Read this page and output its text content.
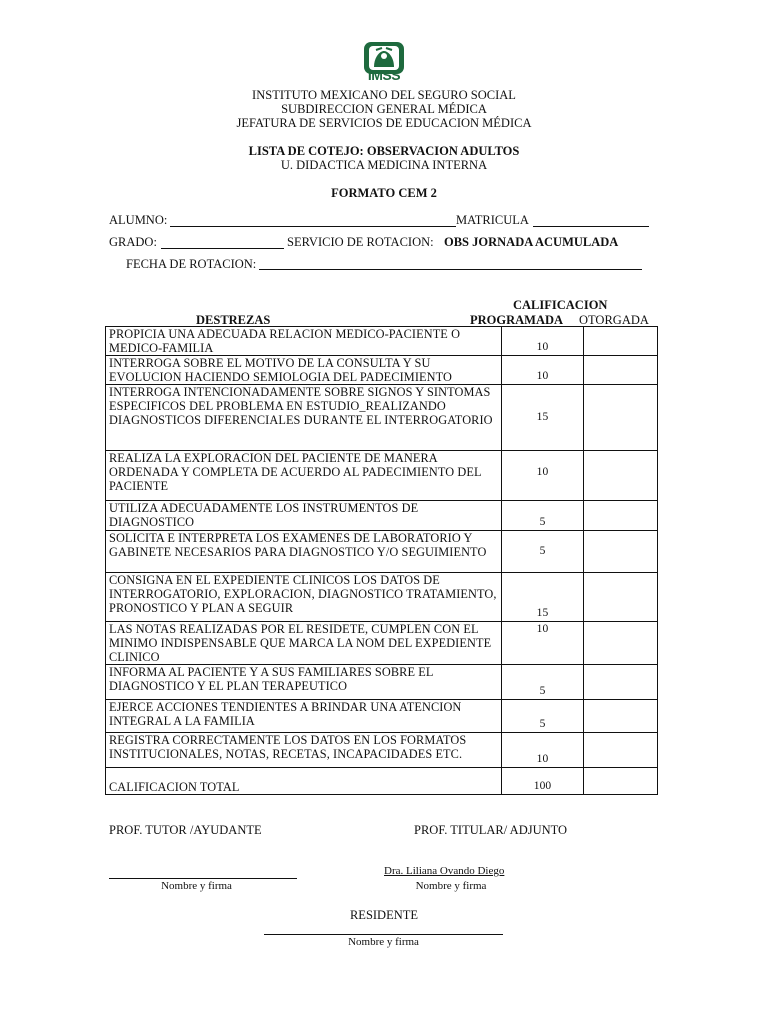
IMSS
INSTITUTO MEXICANO DEL SEGURO SOCIAL
SUBDIRECCION GENERAL MÉDICA
JEFATURA DE SERVICIOS DE EDUCACION MÉDICA
LISTA DE COTEJO: OBSERVACION ADULTOS
U. DIDACTICA MEDICINA INTERNA
FORMATO CEM 2
ALUMNO:	MATRICULA
GRADO:	SERVICIO DE ROTACION: OBS JORNADA ACUMULADA
FECHA DE ROTACION:
DESTREZAS
CALIFICACION
PROGRAMADA OTORGADA
PROPICIA UNA ADECUADA RELACION MEDICO-PACIENTE O MEDICO-FAMILIA	10	
INTERROGA SOBRE EL MOTIVO DE LA CONSULTA Y SU EVOLUCION HACIENDO SEMIOLOGIA DEL PADECIMIENTO	10	
INTERROGA INTENCIONADAMENTE SOBRE SIGNOS Y SINTOMAS ESPECIFICOS DEL PROBLEMA EN ESTUDIO_REALIZANDO DIAGNOSTICOS DIFERENCIALES DURANTE EL INTERROGATORIO	15	
REALIZA LA EXPLORACION DEL PACIENTE DE MANERA ORDENADA Y COMPLETA DE ACUERDO AL PADECIMIENTO DEL PACIENTE	10	
UTILIZA ADECUADAMENTE LOS INSTRUMENTOS DE DIAGNOSTICO	5	
SOLICITA E INTERPRETA LOS EXAMENES DE LABORATORIO Y GABINETE NECESARIOS PARA DIAGNOSTICO Y/O SEGUIMIENTO	5	
CONSIGNA EN EL EXPEDIENTE CLINICOS LOS DATOS DE INTERROGATORIO, EXPLORACION, DIAGNOSTICO TRATAMIENTO, PRONOSTICO Y PLAN A SEGUIR	15	
LAS NOTAS REALIZADAS POR EL RESIDETE, CUMPLEN CON EL MINIMO INDISPENSABLE QUE MARCA LA NOM DEL EXPEDIENTE CLINICO	10	
INFORMA AL PACIENTE Y A SUS FAMILIARES SOBRE EL DIAGNOSTICO Y EL PLAN TERAPEUTICO	5	
EJERCE ACCIONES TENDIENTES A BRINDAR UNA ATENCION INTEGRAL A LA FAMILIA	5	
REGISTRA CORRECTAMENTE LOS DATOS EN LOS FORMATOS INSTITUCIONALES, NOTAS, RECETAS, INCAPACIDADES ETC.	10	
CALIFICACION TOTAL	100	
PROF. TUTOR /AYUDANTE	PROF. TITULAR/ ADJUNTO
Nombre y firma
Dra. Liliana Ovando Diego
Nombre y firma
RESIDENTE
Nombre y firma
